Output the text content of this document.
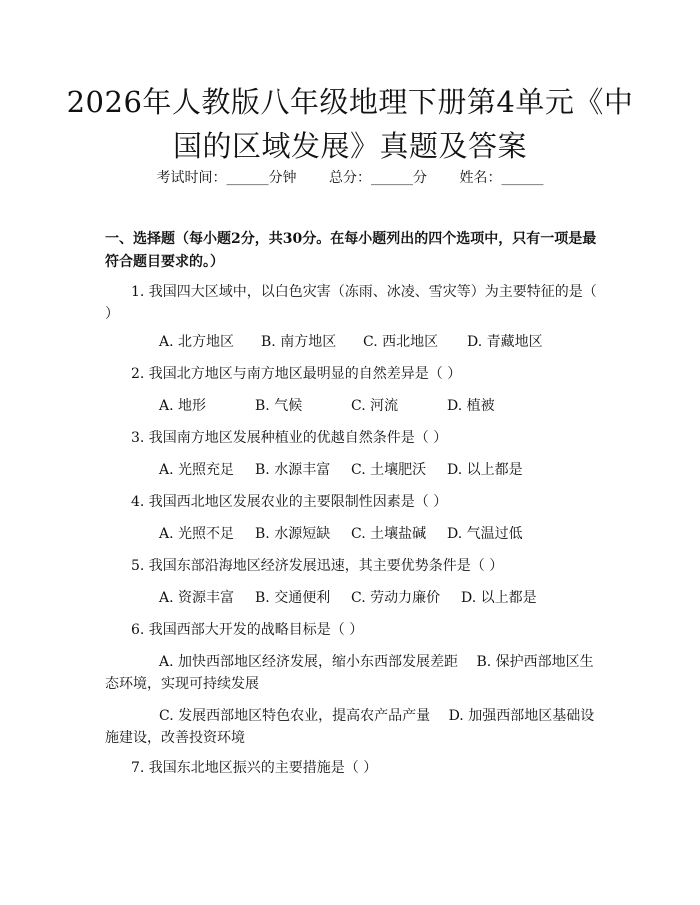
2026年人教版八年级地理下册第4单元《中国的区域发展》真题及答案
考试时间：______分钟 总分：______分 姓名：______

一、选择题（每小题2分，共30分。在每小题列出的四个选项中，只有一项是最符合题目要求的。）

1. 我国四大区域中，以白色灾害（冻雨、冰凌、雪灾等）为主要特征的是（ ）

A. 北方地区 B. 南方地区 C. 西北地区 D. 青藏地区

2. 我国北方地区与南方地区最明显的自然差异是（ ）

A. 地形	B. 气候	C. 河流	D. 植被

3. 我国南方地区发展种植业的优越自然条件是（ ）

A. 光照充足 B. 水源丰富 C. 土壤肥沃 D. 以上都是

4. 我国西北地区发展农业的主要限制性因素是（ ）

A. 光照不足 B. 水源短缺 C. 土壤盐碱 D. 气温过低

5. 我国东部沿海地区经济发展迅速，其主要优势条件是（ ）

A. 资源丰富 B. 交通便利 C. 劳动力廉价 D. 以上都是

6. 我国西部大开发的战略目标是（ ）

A. 加快西部地区经济发展，缩小东西部发展差距　 B. 保护西部地区生态环境，实现可持续发展

C. 发展西部地区特色农业，提高农产品产量　 D. 加强西部地区基础设施建设，改善投资环境

7. 我国东北地区振兴的主要措施是（ ）
